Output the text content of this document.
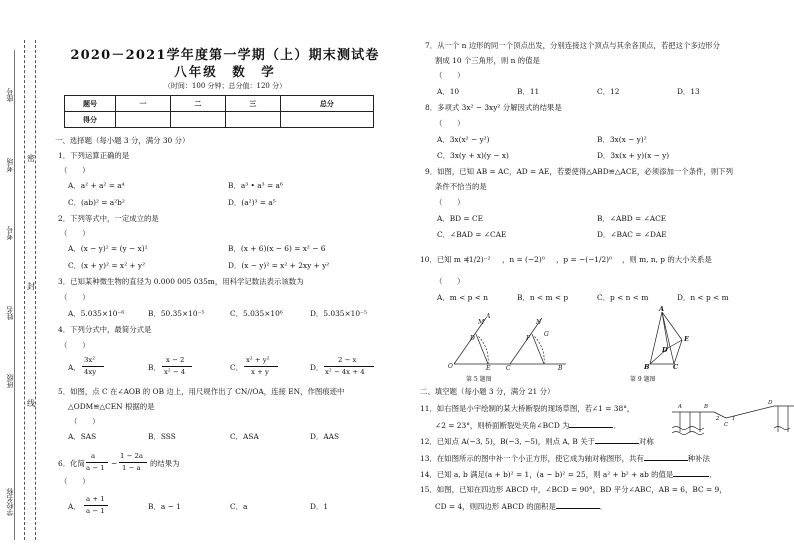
座号
考场
考号
姓名
班级
学校名称
密
封
线
2020－2021学年度第一学期（上）期末测试卷
八年级　数　学
（时间：100 分钟；总分值：120 分）
题号	一	二	三	总分
得分				
一、选择题（每小题 3 分，满分 30 分）
1．下列运算正确的是
（　　）
A．a² + a² = a⁴	B．a³ • a³ = a⁶
C．(ab)² = a²b²	D．(a²)³ = a⁵
2．下列等式中，一定成立的是
（　　）
A．(x − y)² = (y − x)²	B．(x + 6)(x − 6) = x² − 6
C．(x + y)² = x² + y²	D．(x − y)² = x² + 2xy + y²
3．已知某种微生物的直径为 0.000 005 035m，用科学记数法表示该数为
（　　）
A．5.035×10⁻⁶	B．50.35×10⁻⁵	C．5.035×10⁶	D．5.035×10⁻⁵
4．下列分式中，最简分式是
（　　）
A．
3x²
4xy	B．
x − 2
x² − 4	C．
x² + y²
x + y	D．
2 − x
x² − 4x + 4
5．如图，点 C 在∠AOB 的 OB 边上，用尺规作出了 CN//OA，连接 EN，作图痕迹中
△ODM≌△CEN 根据的是
（　　）
A．SAS	B．SSS	C．ASA	D．AAS
6．化简
a
a − 1 −
1 − 2a
1 − a 的结果为
（　　）
A．
a + 1
a − 1	B．a − 1	C．a	D．1
7．从一个 n 边形的同一个顶点出发，分别连接这个顶点与其余各顶点，若把这个多边形分
割成 10 个三角形，则 n 的值是
（　　）
A．10	B．11	C．12	D．13
8．多项式 3x² − 3xy² 分解因式的结果是
（　　）
A．3x(x² − y²)	B．3x(x − y)²
C．3x(y + x)(y − x)	D．3x(x + y)(x − y)
9．如图，已知 AB = AC，AD = AE，若要使得△ABD≌△ACE，必须添加一个条件，则下列
条件不恰当的是
（　　）
A．BD = CE	B．∠ABD = ∠ACE
C．∠BAD = ∠CAE	D．∠BAC = ∠DAE
10．已知 m =
(1/2)⁻² ，n = (−2)⁰ ，p = −(−1/2)⁰ ，则 m, n, p 的大小关系是
（　　）
A．m < p < n	B．n < m < p	C．p < n < m	D．n < p < m
M
A
D
O	E	C
N
G
B
F
第 5 题图
A
E
D
B	C
第 9 题图
二、填空题（每小题 3 分，满分 21 分）
11．如右图是小宇绘制的某大桥断裂的现场草图，若∠1 = 38°，
∠2 = 23°，则桥面断裂处夹角∠BCD 为	．
A	B
C
D
2 1
12．已知点 A(−3, 5)，B(−3, −5)，则点 A, B 关于	对称
13．在如图所示的图中补一个小正方形，使它成为轴对称图形，共有	种补法
14．已知 a, b 满足(a + b)² = 1，(a − b)² = 25，则 a² + b² + ab 的值是	．
15．如图，已知在四边形 ABCD 中，∠BCD = 90°，BD 平分∠ABC，AB = 6，BC = 9，
CD = 4，则四边形 ABCD 的面积是	．
